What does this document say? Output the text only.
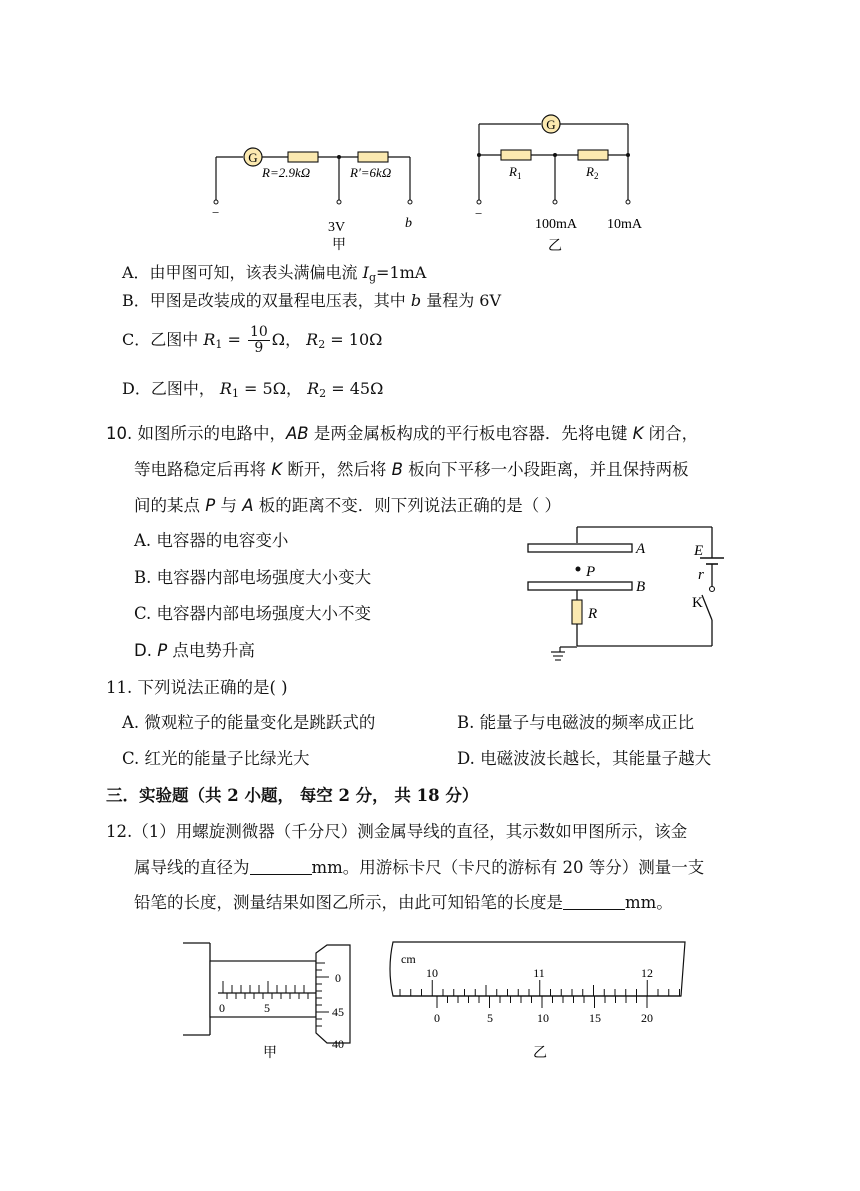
G
R=2.9kΩ	R′=6kΩ
−
3V	b
甲
G
$R_1$	$R_2$
−
100mA 10mA
乙
A．由甲图可知，该表头满偏电流 $I_g=1mA$
B．甲图是改装成的双量程电压表，其中 b 量程为 6V
C．乙图中 $R_1 = \frac{10}{9}$ Ω， $R_2 = 10\Omega$
D．乙图中， $R_1 = 5\Omega$， $R_2 = 45\Omega$
10. 如图所示的电路中，AB 是两金属板构成的平行板电容器．先将电键 K 闭合，
等电路稳定后再将 K 断开，然后将 B 板向下平移一小段距离，并且保持两板
间的某点 P 与 A 板的距离不变．则下列说法正确的是（ ）
A. 电容器的电容变小
B. 电容器内部电场强度大小变大
C. 电容器内部电场强度大小不变
D. P 点电势升高
A
P
B
R
E
r
K
11. 下列说法正确的是( )
A. 微观粒子的能量变化是跳跃式的	B. 能量子与电磁波的频率成正比
C. 红光的能量子比绿光大	D. 电磁波波长越长，其能量子越大
三．实验题（共 2 小题， 每空 2 分， 共 18 分）
12.（1）用螺旋测微器（千分尺）测金属导线的直径，其示数如甲图所示，该金
属导线的直径为	mm。用游标卡尺（卡尺的游标有 20 等分）测量一支
铅笔的长度，测量结果如图乙所示，由此可知铅笔的长度是	mm。
0	5
0
45
40
甲
cm
10	11	12
0	5	10	15	20
乙
